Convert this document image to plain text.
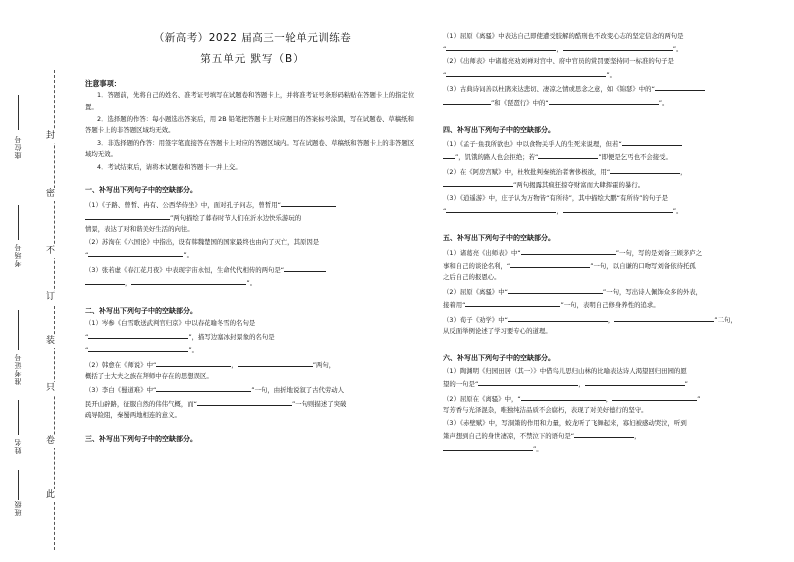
封
密
不
订
装
只
卷
此
座位号
考场号
准考证号
姓名
班级
（新高考）2022 届高三一轮单元训练卷
第五单元 默写（B）
注意事项：

1．答题前，先将自己的姓名、准考证号填写在试题卷和答题卡上，并将准考证号条形码粘贴在答题卡上的指定位置。

2．选择题的作答：每小题选出答案后，用 2B 铅笔把答题卡上对应题目的答案标号涂黑，写在试题卷、草稿纸和答题卡上的非答题区域均无效。

3．非选择题的作答：用签字笔直接答在答题卡上对应的答题区域内。写在试题卷、草稿纸和答题卡上的非答题区域均无效。

4．考试结束后，请将本试题卷和答题卡一并上交。

一、补写出下列句子中的空缺部分。

（1）《子路、曾皙、冉有、公西华侍坐》中，面对孔子问志，曾皙用“

”两句描绘了暮春时节人们在沂水边快乐游玩的

情景，表达了对和谐美好生活的向往。

（2）苏洵在《六国论》中指出，设有韩魏楚国的国家最终也由向了灭亡，其原因是

“	”。

（3）张若虚《春江花月夜》中表现宇宙永恒，生命代代相传的两句是“

，	”。

二、补写出下列句子中的空缺部分。

（1）岑参《白雪歌送武判官归京》中以春花喻冬雪的名句是

“	”，描写边塞冰封景象的名句是

“	”。

（2）韩愈在《师说》中“	，	”两句，

概括了士大夫之族在拜师中存在的思想误区。

（3）李白《蜀道难》中“	”一句，由折地说叙了古代劳动人

民开山辟路，征服自然的伟伟气概，而“	”一句则描述了突破

疏导险阻，秦蜀两地相连的意义。

三、补写出下列句子中的空缺部分。

（1）屈原《离骚》中表达自己即使遭受肢解的酷刑也不改变心志的坚定信念的两句是

“	，	”。

（2）《出师表》中诸葛亮劝刘禅对宫中、府中官员的赏罚要坚持同一标准的句子是

“	”。

（3）古典诗词善以杜鹃来达悲切、凄凉之情或思念之意，如《锦瑟》中的“

”和《琵琶行》中的“	”。

四、补写出下列句子中的空缺部分。

（1）《孟子·鱼我所欲也》中以食物关乎人的生死来说理，但若“

”，饥饿的路人也会拒绝；若“	”即便是乞丐也不会接受。

（2）在《阿房宫赋》中，杜牧批判秦统治者奢侈极欲，用“	，

”两句揭露其疯狂掠夺财富而大肆挥霍的暴行。

（3）《逍遥游》中，庄子认为万物皆“有所待”，其中描绘大鹏“有所待”的句子是

“	，	”。

五、补写出下列句子中的空缺部分。

（1）诸葛亮《出师表》中“	”一句，写的是刘备三顾茅庐之

事和自己的谈论名利，“	”一句，以自谦的口吻写刘备依待托孤

之后自己的报恩心。

（2）屈原《离骚》中“	”一句，写出诗人佩饰众多的外表，

接着用“	”一句，表明自己修身养性的追求。

（3）荀子《劝学》中“	，	”二句，

从反面举例论述了学习要专心的道理。

六、补写出下列句子中的空缺部分。

（1）陶渊明《归园田居（其一）》中借鸟儿思归山林的比喻表达诗人渴望回归田园的愿

望的一句是“	，	”

（2）屈原在《离骚》中，“	，	”

写芳香与光泽混杂，唯独纯洁品质不会腐朽，表现了对美好德行的坚守。

（3）《赤壁赋》中，写洞箫的作用和力量，蛟龙听了飞舞起来，寡妇被感动哭泣，听到

箫声想到自己的身世凄凉，不禁泣下的语句是“	，

”。
